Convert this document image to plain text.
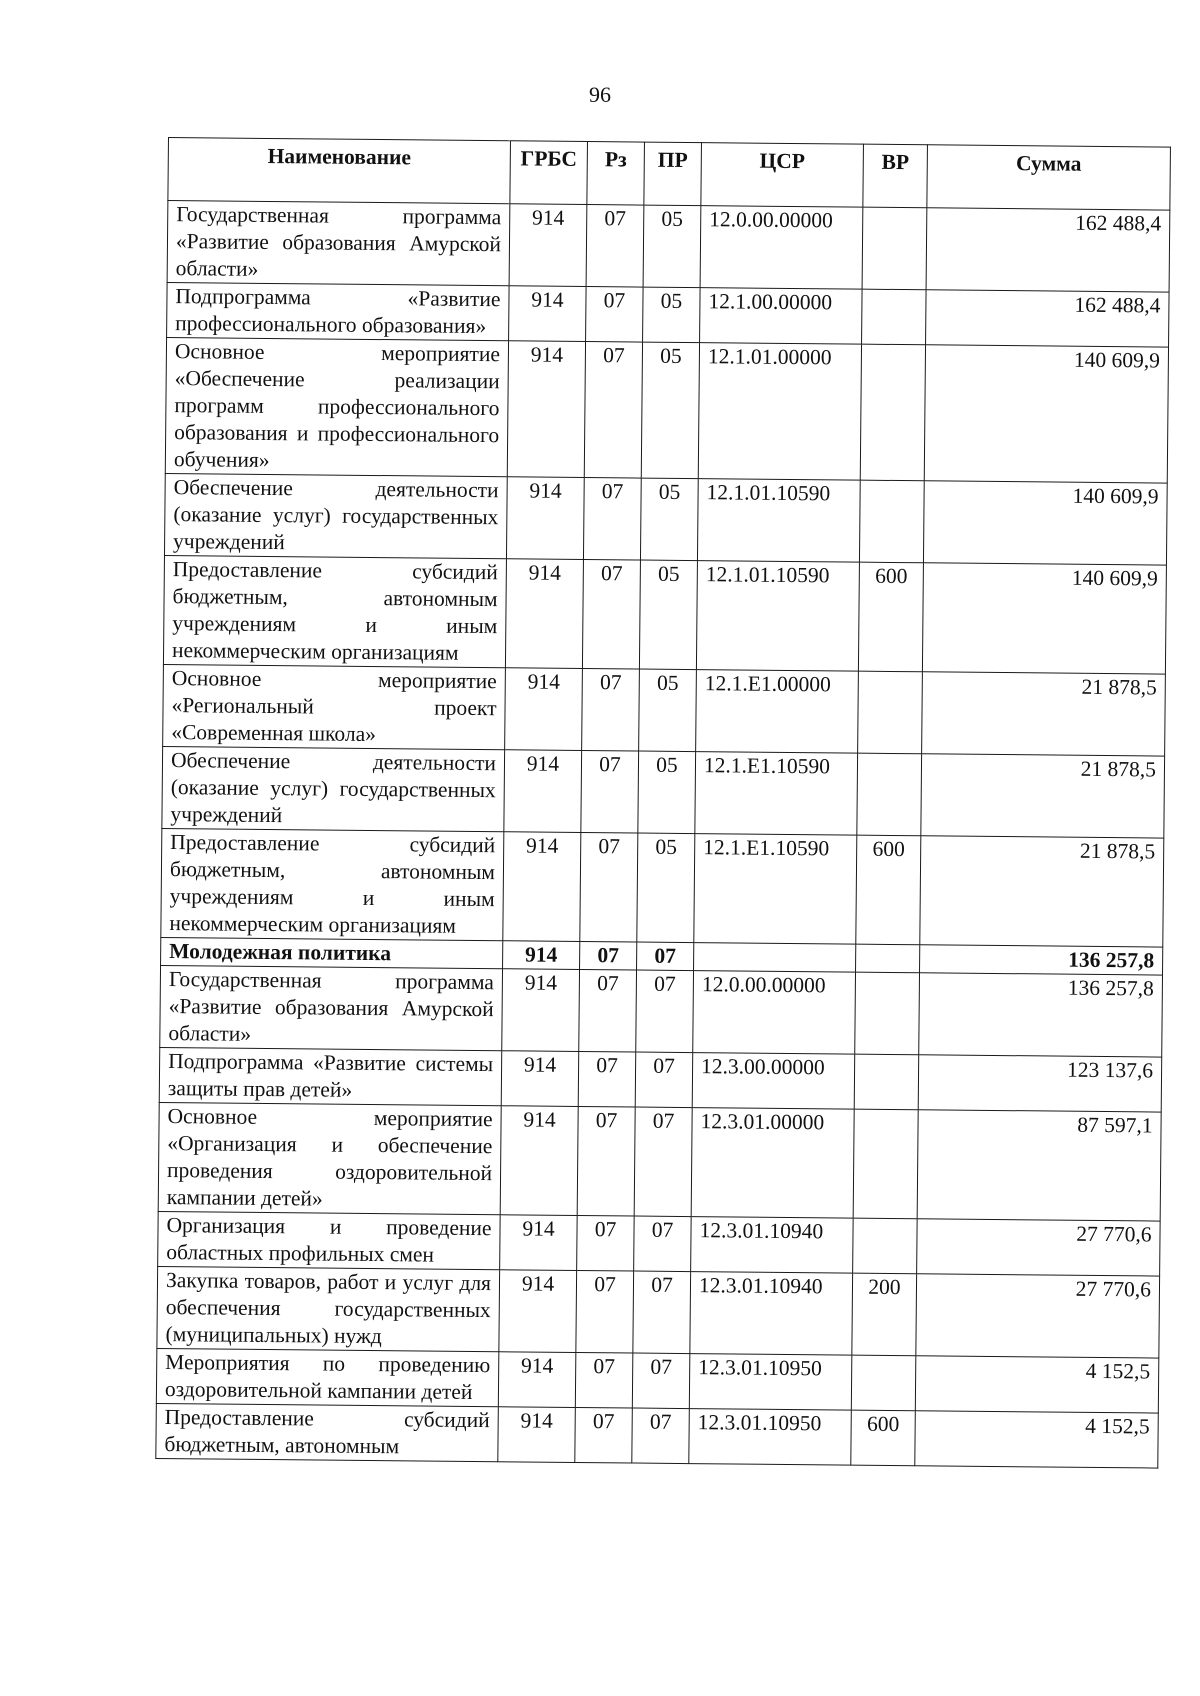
96
Наименование	ГРБС	Рз	ПР	ЦСР	ВР	Сумма
Государственная программа «Развитие образования Амурской области»	914	07	05	12.0.00.00000		162 488,4
Подпрограмма «Развитие профессионального образования»	914	07	05	12.1.00.00000		162 488,4
Основное мероприятие «Обеспечение реализации программ профессионального образования и профессионального обучения»	914	07	05	12.1.01.00000		140 609,9
Обеспечение деятельности (оказание услуг) государственных учреждений	914	07	05	12.1.01.10590		140 609,9
Предоставление субсидий бюджетным, автономным учреждениям и иным некоммерческим организациям	914	07	05	12.1.01.10590	600	140 609,9
Основное мероприятие «Региональный проект «Современная школа»	914	07	05	12.1.E1.00000		21 878,5
Обеспечение деятельности (оказание услуг) государственных учреждений	914	07	05	12.1.E1.10590		21 878,5
Предоставление субсидий бюджетным, автономным учреждениям и иным некоммерческим организациям	914	07	05	12.1.E1.10590	600	21 878,5
Молодежная политика	914	07	07			136 257,8
Государственная программа «Развитие образования Амурской области»	914	07	07	12.0.00.00000		136 257,8
Подпрограмма «Развитие системы защиты прав детей»	914	07	07	12.3.00.00000		123 137,6
Основное мероприятие «Организация и обеспечение проведения оздоровительной кампании детей»	914	07	07	12.3.01.00000		87 597,1
Организация и проведение областных профильных смен	914	07	07	12.3.01.10940		27 770,6
Закупка товаров, работ и услуг для обеспечения государственных (муниципальных) нужд	914	07	07	12.3.01.10940	200	27 770,6
Мероприятия по проведению оздоровительной кампании детей	914	07	07	12.3.01.10950		4 152,5
Предоставление субсидий бюджетным, автономным	914	07	07	12.3.01.10950	600	4 152,5
